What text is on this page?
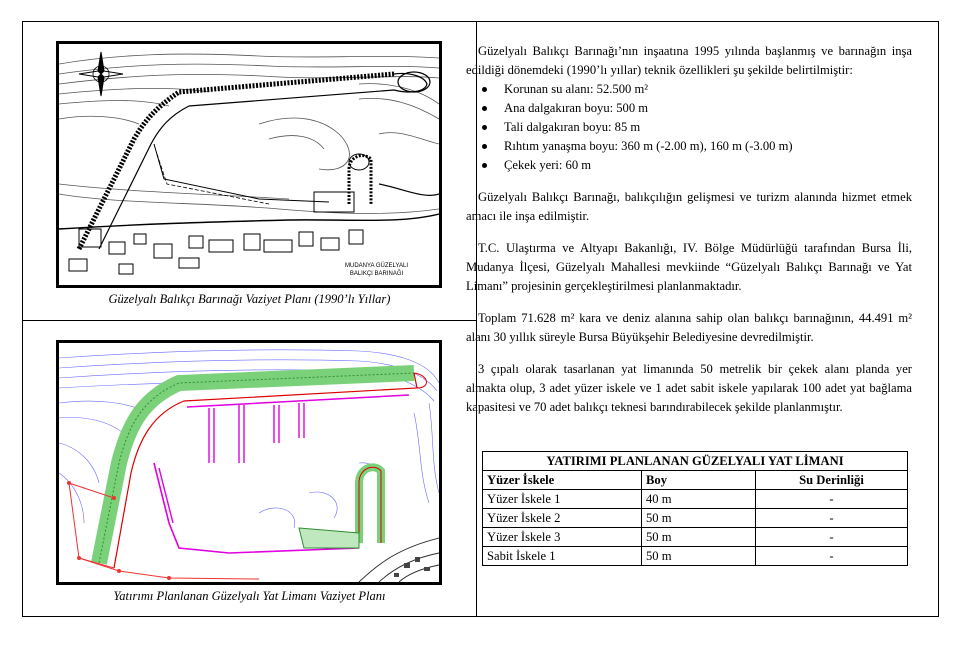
MUDANYA GÜZELYALI
BALIKÇI BARINAĞI
Güzelyalı Balıkçı Barınağı Vaziyet Planı (1990’lı Yıllar)
Yatırımı Planlanan Güzelyalı Yat Limanı Vaziyet Planı

Güzelyalı Balıkçı Barınağı’nın inşaatına 1995 yılında başlanmış ve barınağın inşa edildiği dönemdeki (1990’lı yıllar) teknik özellikleri şu şekilde belirtilmiştir:

Korunan su alanı: 52.500 m²
Ana dalgakıran boyu: 500 m
Tali dalgakıran boyu: 85 m
Rıhtım yanaşma boyu: 360 m (-2.00 m), 160 m (-3.00 m)
Çekek yeri: 60 m

Güzelyalı Balıkçı Barınağı, balıkçılığın gelişmesi ve turizm alanında hizmet etmek amacı ile inşa edilmiştir.

T.C. Ulaştırma ve Altyapı Bakanlığı, IV. Bölge Müdürlüğü tarafından Bursa İli, Mudanya İlçesi, Güzelyalı Mahallesi mevkiinde “Güzelyalı Balıkçı Barınağı ve Yat Limanı” projesinin gerçekleştirilmesi planlanmaktadır.

Toplam 71.628 m² kara ve deniz alanına sahip olan balıkçı barınağının, 44.491 m² alanı 30 yıllık süreyle Bursa Büyükşehir Belediyesine devredilmiştir.

3 çıpalı olarak tasarlanan yat limanında 50 metrelik bir çekek alanı planda yer almakta olup, 3 adet yüzer iskele ve 1 adet sabit iskele yapılarak 100 adet yat bağlama kapasitesi ve 70 adet balıkçı teknesi barındırabilecek şekilde planlanmıştır.

YATIRIMI PLANLANAN GÜZELYALI YAT LİMANI		
Yüzer İskele	Boy	Su Derinliği
Yüzer İskele 1	40 m	-
Yüzer İskele 2	50 m	-
Yüzer İskele 3	50 m	-
Sabit İskele 1	50 m	-
